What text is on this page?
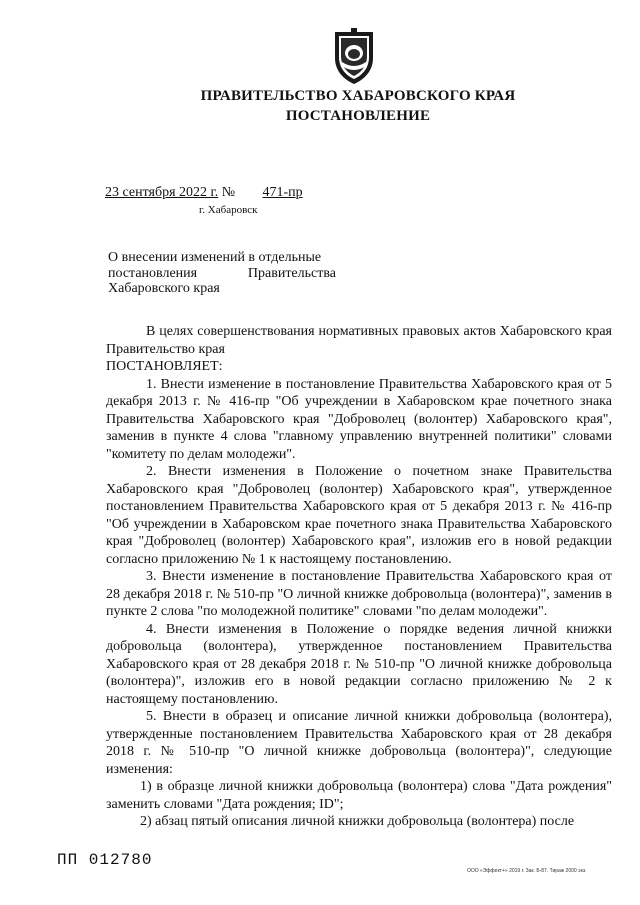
ПРАВИТЕЛЬСТВО ХАБАРОВСКОГО КРАЯ
ПОСТАНОВЛЕНИЕ
23 сентября 2022 г. № 471-пр
г. Хабаровск
О внесении изменений в отдельные
постановления	Правительства
Хабаровского края

В целях совершенствования нормативных правовых актов Хабаровского края Правительство края

ПОСТАНОВЛЯЕТ:

1. Внести изменение в постановление Правительства Хабаровского края от 5 декабря 2013 г. № 416-пр "Об учреждении в Хабаровском крае почетного знака Правительства Хабаровского края "Доброволец (волонтер) Хабаровского края", заменив в пункте 4 слова "главному управлению внутренней политики" словами "комитету по делам молодежи".

2. Внести изменения в Положение о почетном знаке Правительства Хабаровского края "Доброволец (волонтер) Хабаровского края", утвержденное постановлением Правительства Хабаровского края от 5 декабря 2013 г. № 416-пр "Об учреждении в Хабаровском крае почетного знака Правительства Хабаровского края "Доброволец (волонтер) Хабаровского края", изложив его в новой редакции согласно приложению № 1 к настоящему постановлению.

3. Внести изменение в постановление Правительства Хабаровского края от 28 декабря 2018 г. № 510-пр "О личной книжке добровольца (волонтера)", заменив в пункте 2 слова "по молодежной политике" словами "по делам молодежи".

4. Внести изменения в Положение о порядке ведения личной книжки добровольца (волонтера), утвержденное постановлением Правительства Хабаровского края от 28 декабря 2018 г. № 510-пр "О личной книжке добровольца (волонтера)", изложив его в новой редакции согласно приложению № 2 к настоящему постановлению.

5. Внести в образец и описание личной книжки добровольца (волонтера), утвержденные постановлением Правительства Хабаровского края от 28 декабря 2018 г. № 510-пр "О личной книжке добровольца (волонтера)", следующие изменения:

1) в образце личной книжки добровольца (волонтера) слова "Дата рождения" заменить словами "Дата рождения; ID";

2) абзац пятый описания личной книжки добровольца (волонтера) после

ПП 012780
ООО «Эффект+» 2019 г. Зак. Б-87. Тираж 2000 экз.
